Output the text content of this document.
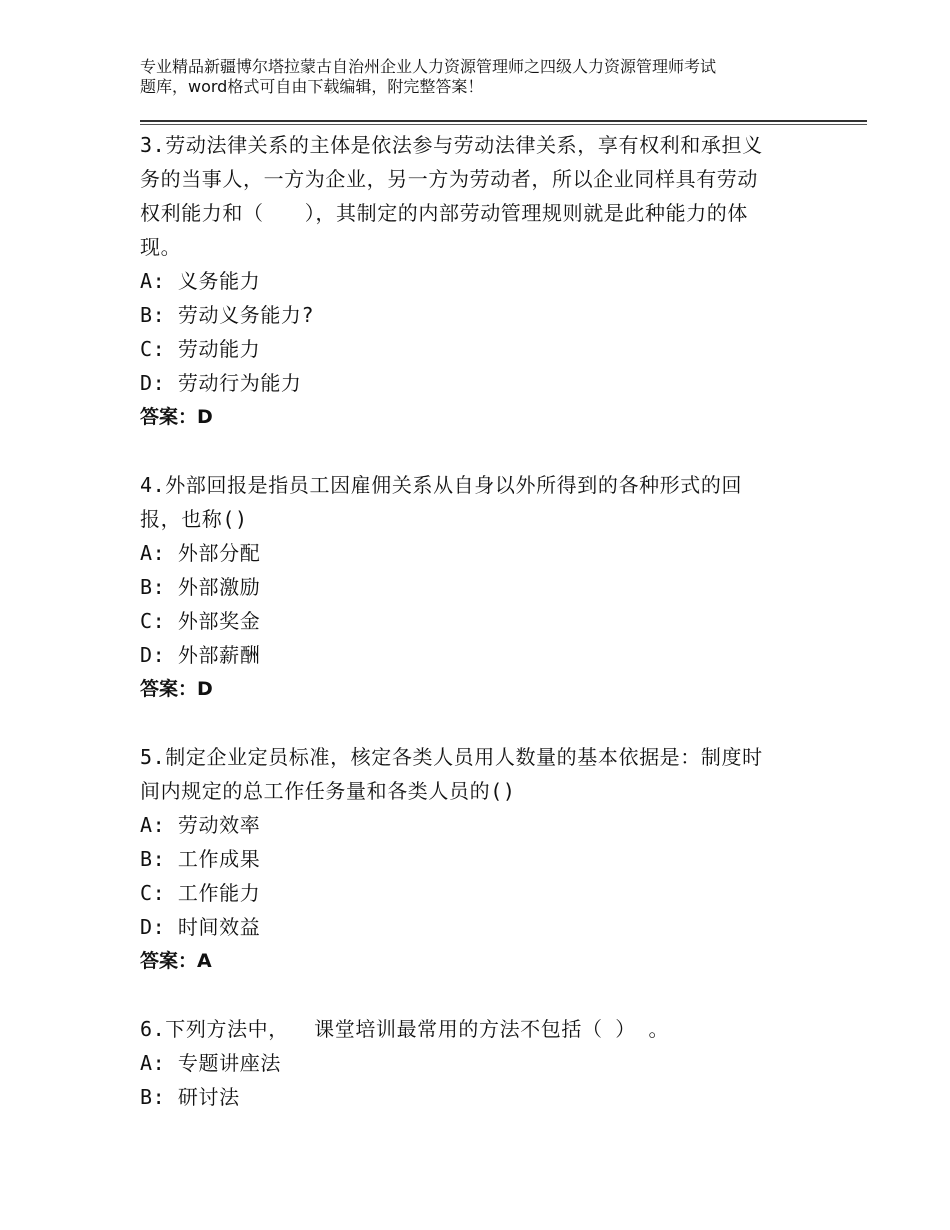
专业精品新疆博尔塔拉蒙古自治州企业人力资源管理师之四级人力资源管理师考试
题库，word格式可自由下载编辑，附完整答案！
3.劳动法律关系的主体是依法参与劳动法律关系，享有权利和承担义
务的当事人，一方为企业，另一方为劳动者，所以企业同样具有劳动
权利能力和（　　），其制定的内部劳动管理规则就是此种能力的体
现。
A: 义务能力
B: 劳动义务能力?
C: 劳动能力
D: 劳动行为能力
答案：D
4.外部回报是指员工因雇佣关系从自身以外所得到的各种形式的回
报，也称()
A: 外部分配
B: 外部激励
C: 外部奖金
D: 外部薪酬
答案：D
5.制定企业定员标准，核定各类人员用人数量的基本依据是：制度时
间内规定的总工作任务量和各类人员的()
A: 劳动效率
B: 工作成果
C: 工作能力
D: 时间效益
答案：A
6.下列方法中，  课堂培训最常用的方法不包括（ ） 。
A: 专题讲座法
B: 研讨法
